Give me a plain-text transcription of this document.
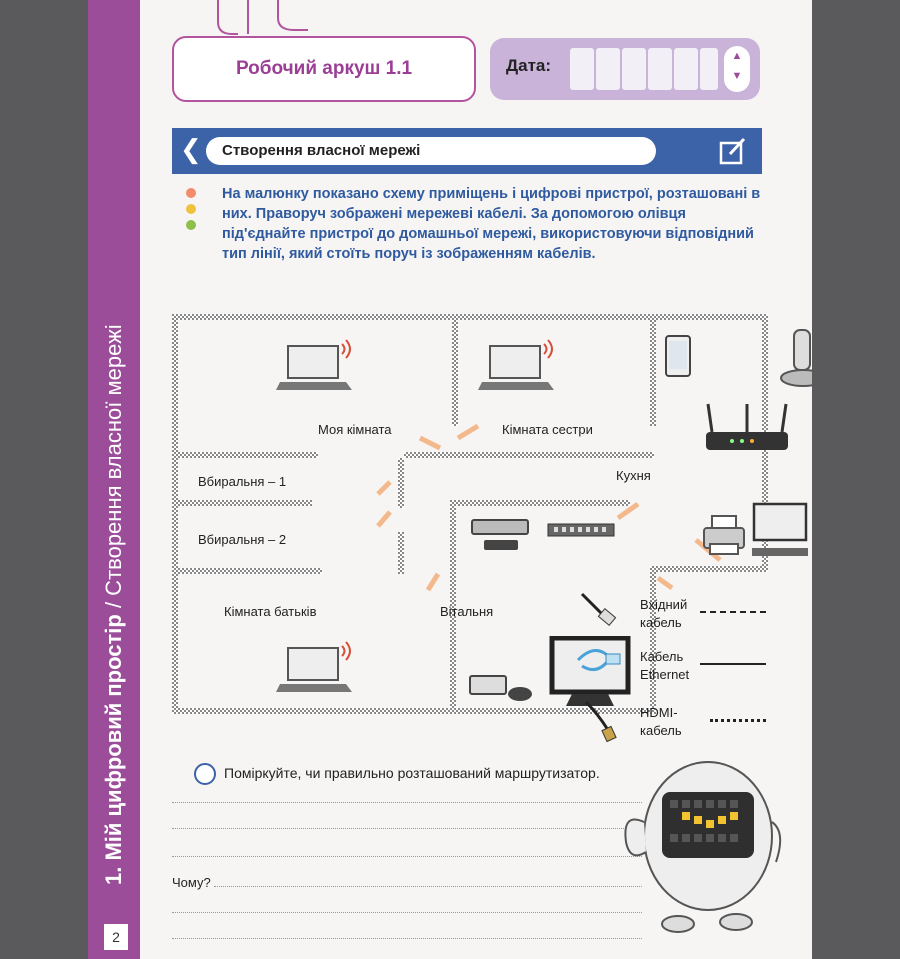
1. Мій цифровий простір / Створення власної мережі
2
Робочий аркуш 1.1	Дата:	▲
▼
❮ Створення власної мережі

На малюнку показано схему приміщень і цифрові пристрої, розташовані в них. Праворуч зображені мережеві кабелі. За допомогою олівця під'єднайте пристрої до домашньої мережі, використовуючи відповідний тип лінії, який стоїть поруч із зображенням кабелів.

Моя кімната	Кімната сестри
Кухня
Вбиральня – 1
Вбиральня – 2
Кімната батьків	Вітальня	Вхідний
кабель
Кабель
Ethernet
HDMI-
кабель
Поміркуйте, чи правильно розташований маршрутизатор.
Чому?
